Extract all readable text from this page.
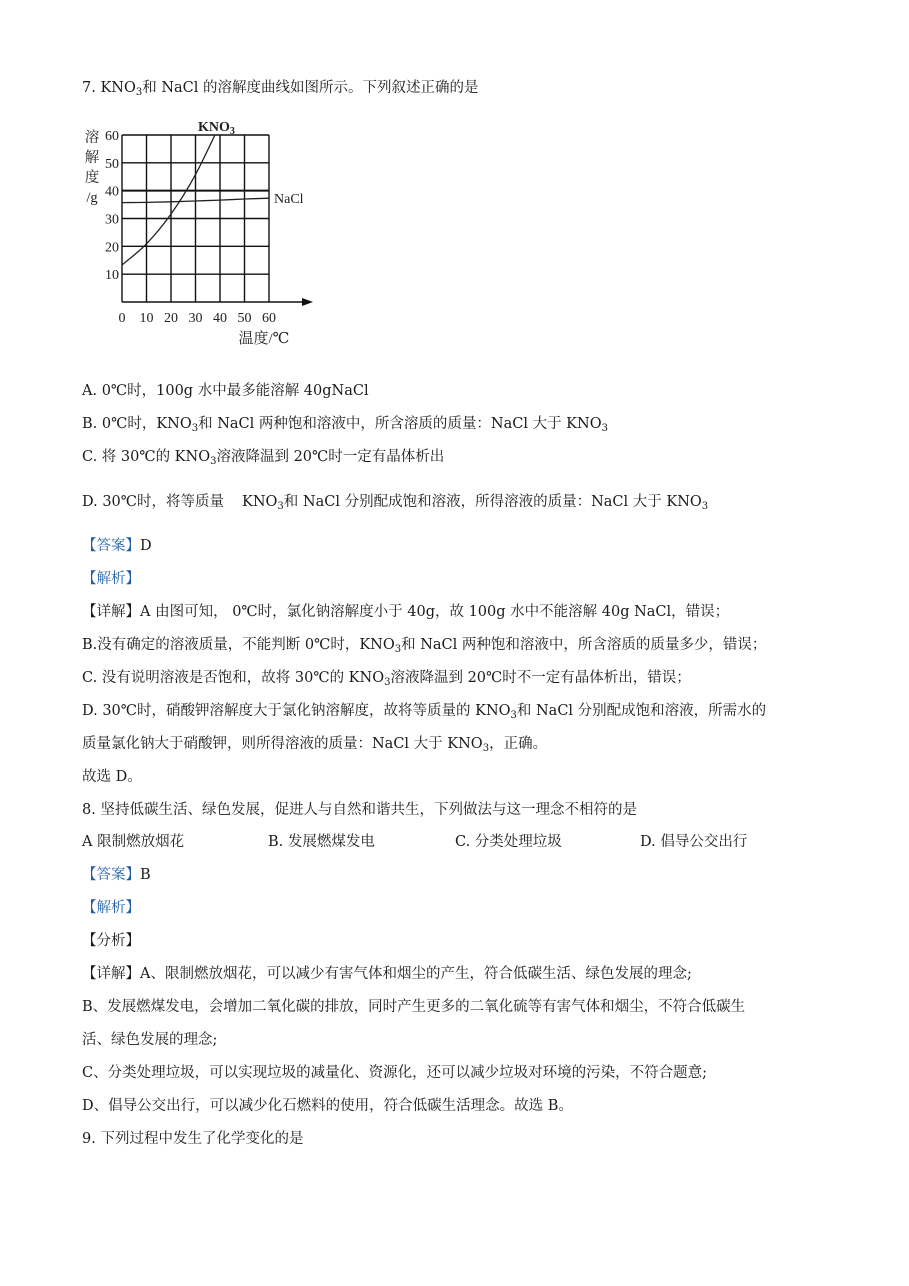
7. $KNO_3$和 NaCl 的溶解度曲线如图所示。下列叙述正确的是
0 10 20 30 40 50 60
10
20
30
40
50
60
溶
解
度
/g
温度/℃
$KNO_3$
NaCl
A. 0℃时，100g 水中最多能溶解 40gNaCl
B. 0℃时，$KNO_3$和 NaCl 两种饱和溶液中，所含溶质的质量：NaCl 大于 $KNO_3$
C. 将 30℃的 $KNO_3$溶液降温到 20℃时一定有晶体析出
D. 30℃时，将等质量 $KNO_3$和 NaCl 分别配成饱和溶液，所得溶液的质量：NaCl 大于 $KNO_3$
【答案】D
【解析】
【详解】A 由图可知， 0℃时，氯化钠溶解度小于 40g，故 100g 水中不能溶解 40g NaCl，错误；
B.没有确定的溶液质量，不能判断 0℃时，$KNO_3$和 NaCl 两种饱和溶液中，所含溶质的质量多少，错误；
C. 没有说明溶液是否饱和，故将 30℃的 $KNO_3$溶液降温到 20℃时不一定有晶体析出，错误；
D. 30℃时，硝酸钾溶解度大于氯化钠溶解度，故将等质量的 $KNO_3$和 NaCl 分别配成饱和溶液，所需水的
质量氯化钠大于硝酸钾，则所得溶液的质量：NaCl 大于 $KNO_3$，正确。
故选 D。
8. 坚持低碳生活、绿色发展，促进人与自然和谐共生，下列做法与这一理念不相符的是
A 限制燃放烟花	B. 发展燃煤发电	C. 分类处理垃圾	D. 倡导公交出行
【答案】B
【解析】
【分析】
【详解】A、限制燃放烟花，可以减少有害气体和烟尘的产生，符合低碳生活、绿色发展的理念;
B、发展燃煤发电，会增加二氧化碳的排放，同时产生更多的二氧化硫等有害气体和烟尘，不符合低碳生
活、绿色发展的理念;
C、分类处理垃圾，可以实现垃圾的减量化、资源化，还可以减少垃圾对环境的污染，不符合题意;
D、倡导公交出行，可以减少化石燃料的使用，符合低碳生活理念。故选 B。
9. 下列过程中发生了化学变化的是
